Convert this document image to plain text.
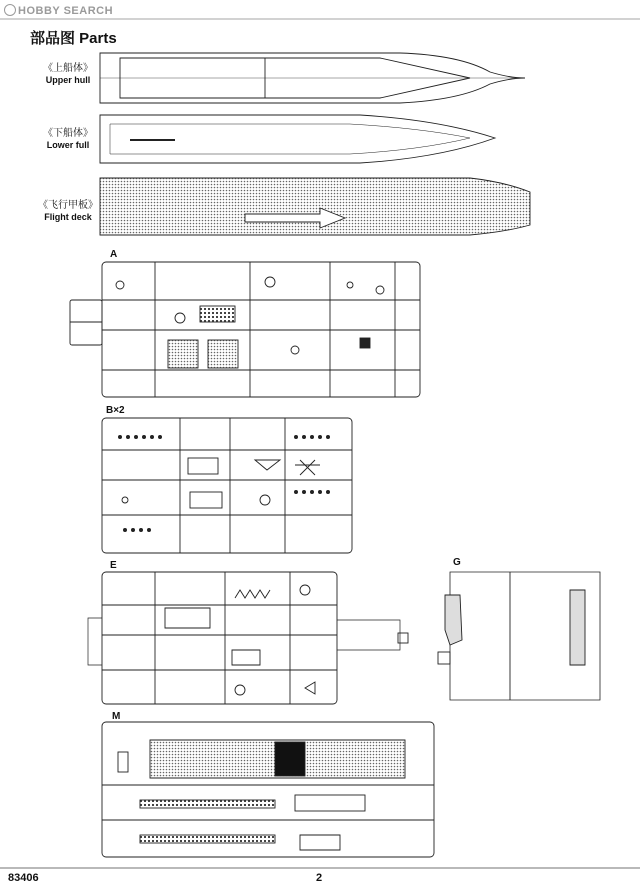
HOBBY SEARCH
部品图 Parts
《上船体》
Upper hull
《下船体》
Lower full
《飞行甲板》
Flight deck
A
B×2
E	G
M
83406	2
